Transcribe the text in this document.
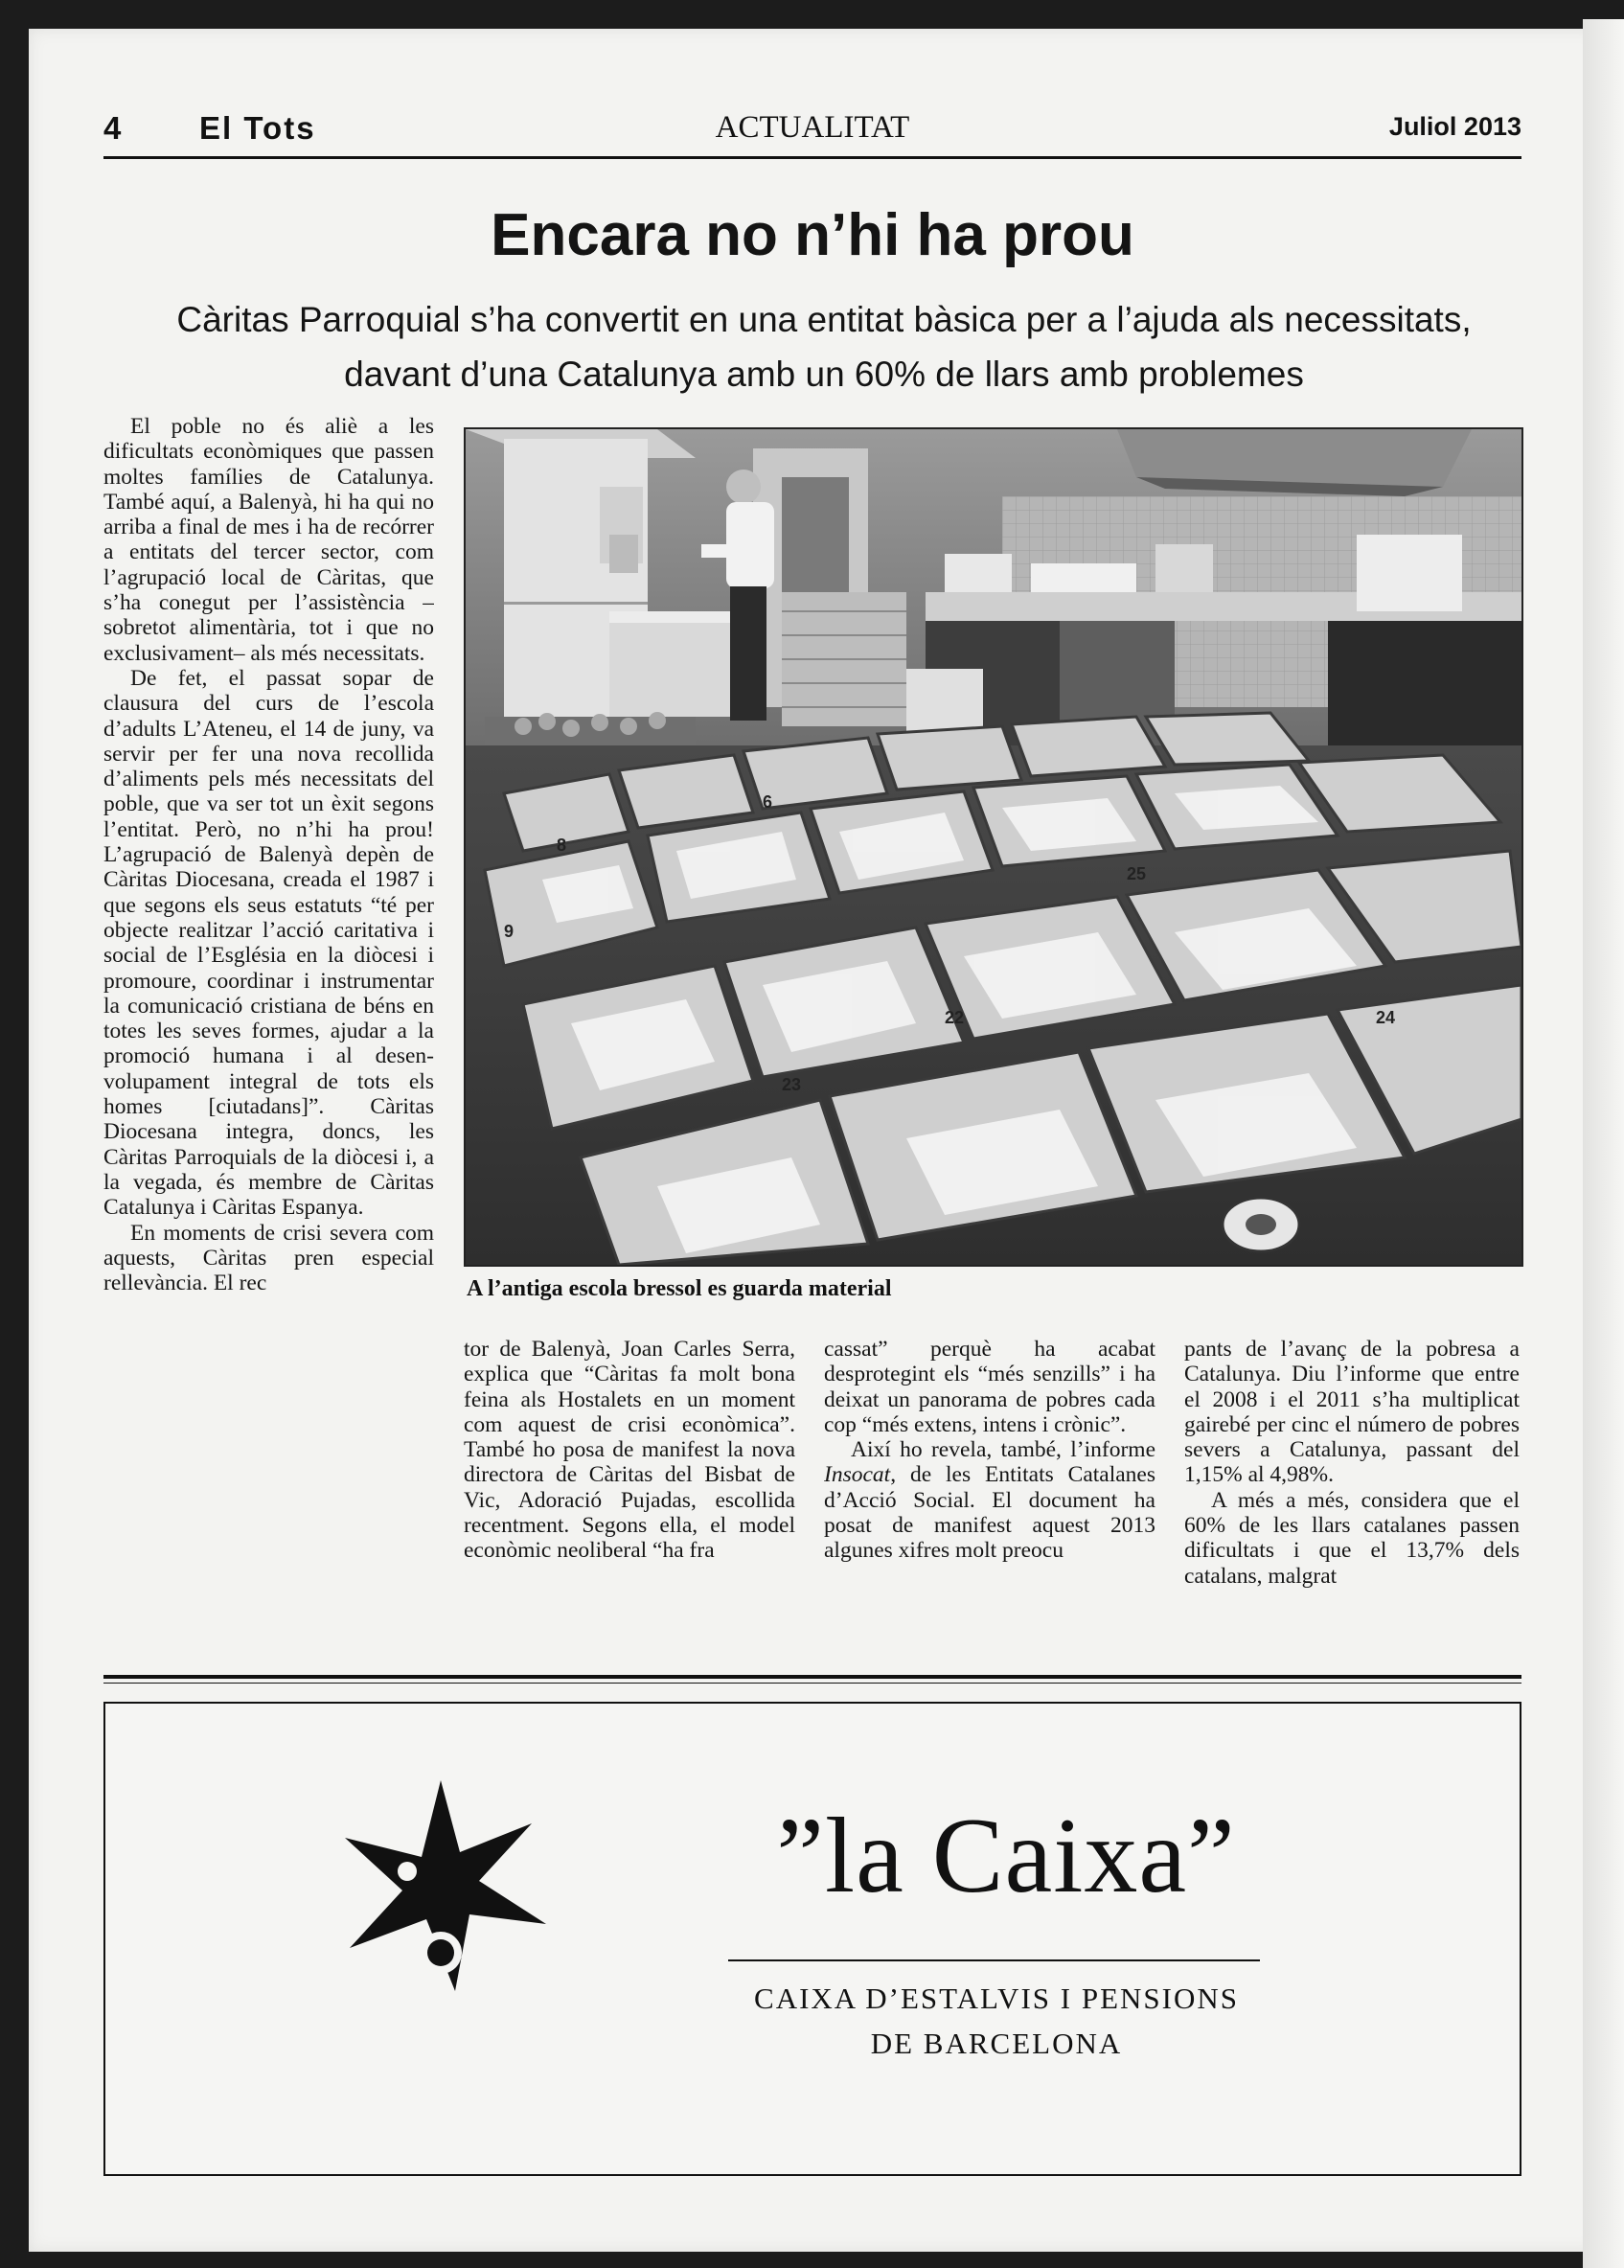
4 El Tots	ACTUALITAT	Juliol 2013
Encara no n’hi ha prou
Càritas Parroquial s’ha convertit en una entitat bàsica per a l’ajuda als necessitats, davant d’una Catalunya amb un 60% de llars amb problemes

El poble no és aliè a les dificultats econòmiques que passen moltes famílies de Catalunya. També aquí, a Balenyà, hi ha qui no arriba a final de mes i ha de recórrer a entitats del tercer sector, com l’agrupació local de Càritas, que s’ha conegut per l’assistència –sobretot alimentària, tot i que no exclusivament– als més necessitats.

De fet, el passat sopar de clausura del curs de l’escola d’adults L’Ateneu, el 14 de juny, va servir per fer una nova recollida d’aliments pels més necessitats del poble, que va ser tot un èxit segons l’entitat. Però, no n’hi ha prou! L’agrupació de Balenyà depèn de Càritas Diocesana, creada el 1987 i que segons els seus estatuts “té per objecte realitzar l’acció caritativa i social de l’Església en la diòcesi i promoure, coordinar i instrumentar la comunicació cristiana de béns en totes les seves formes, ajudar a la promoció humana i al desenvolupament integral de tots els homes [ciutadans]”. Càritas Diocesana integra, doncs, les Càritas Parroquials de la diòcesi i, a la vegada, és membre de Càritas Catalunya i Càritas Espanya.

En moments de crisi severa com aquests, Càritas pren especial rellevància. El rec

8
9
6
25
22
23
24
A l’antiga escola bressol es guarda material

tor de Balenyà, Joan Carles Serra, explica que “Càritas fa molt bona feina als Hostalets en un moment com aquest de crisi econòmica”. També ho posa de manifest la nova directora de Càritas del Bisbat de Vic, Adoració Pujadas, escollida recentment. Segons ella, el model econòmic neoliberal “ha fra

cassat” perquè ha acabat desprotegint els “més senzills” i ha deixat un panorama de pobres cada cop “més extens, intens i crònic”.

Així ho revela, també, l’informe Insocat, de les Entitats Catalanes d’Acció Social. El document ha posat de manifest aquest 2013 algunes xifres molt preocu

pants de l’avanç de la pobresa a Catalunya. Diu l’informe que entre el 2008 i el 2011 s’ha multiplicat gairebé per cinc el número de pobres severs a Catalunya, passant del 1,15% al 4,98%.

A més a més, considera que el 60% de les llars catalanes passen dificultats i que el 13,7% dels catalans, malgrat

”la Caixa”
CAIXA D’ESTALVIS I PENSIONS
DE BARCELONA
